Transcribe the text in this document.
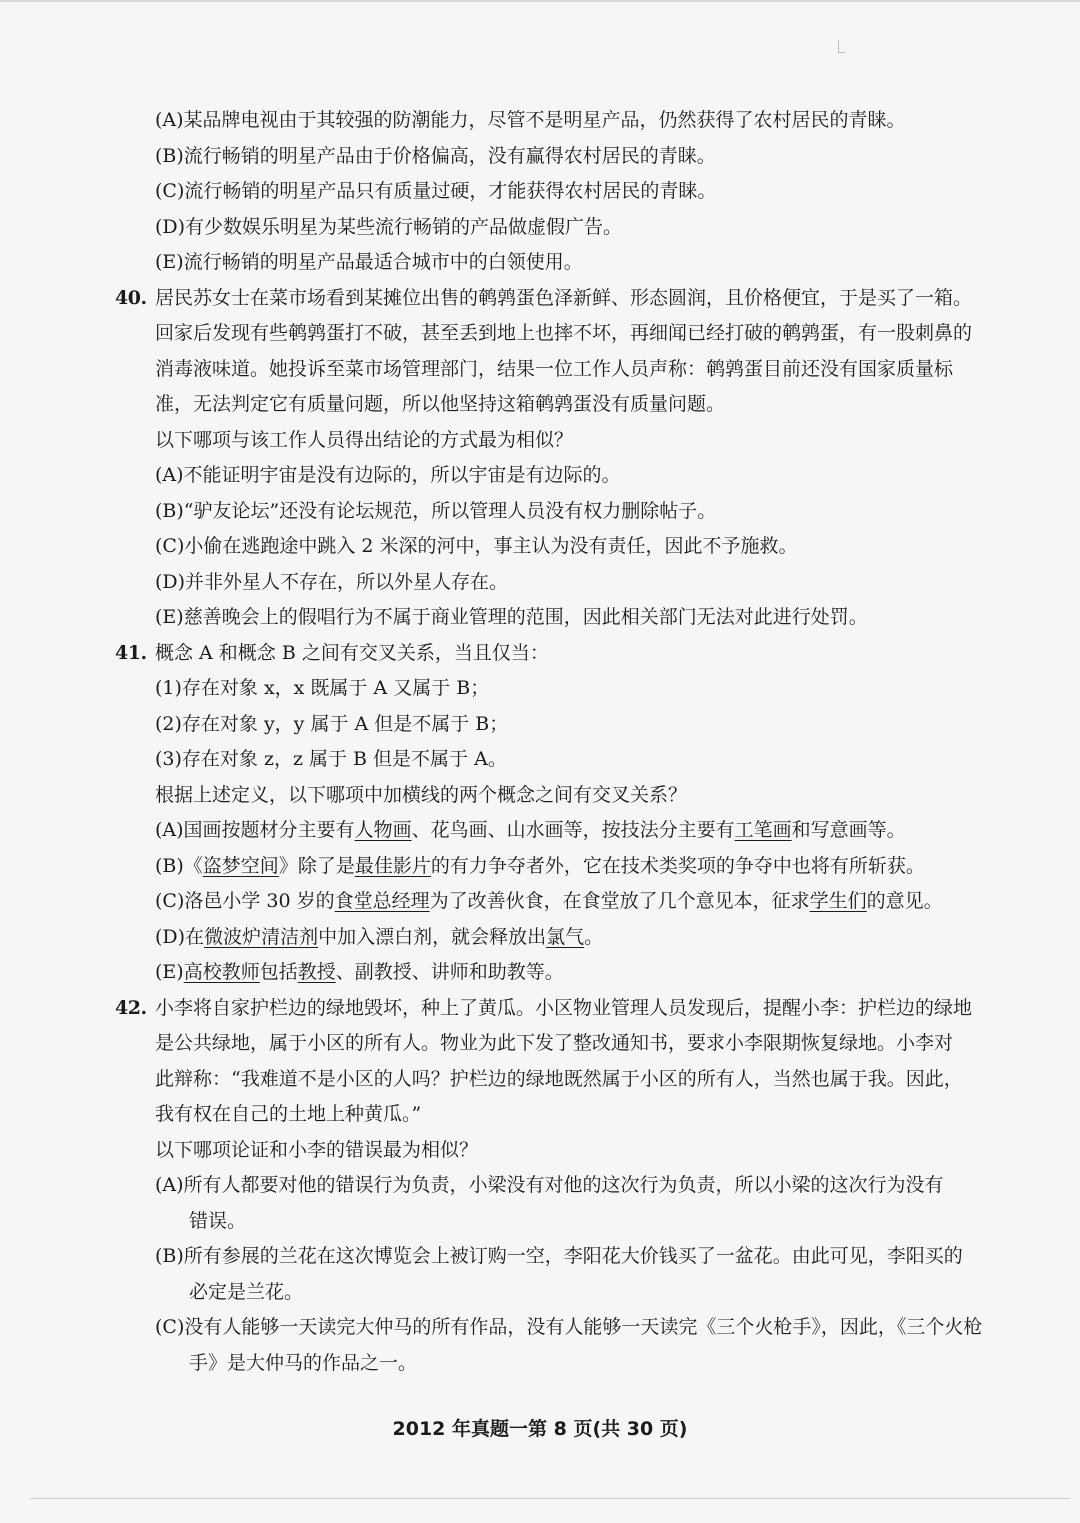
(A)某品牌电视由于其较强的防潮能力，尽管不是明星产品，仍然获得了农村居民的青睐。
(B)流行畅销的明星产品由于价格偏高，没有赢得农村居民的青睐。
(C)流行畅销的明星产品只有质量过硬，才能获得农村居民的青睐。
(D)有少数娱乐明星为某些流行畅销的产品做虚假广告。
(E)流行畅销的明星产品最适合城市中的白领使用。
40. 居民苏女士在菜市场看到某摊位出售的鹌鹑蛋色泽新鲜、形态圆润，且价格便宜，于是买了一箱。
回家后发现有些鹌鹑蛋打不破，甚至丢到地上也摔不坏，再细闻已经打破的鹌鹑蛋，有一股刺鼻的
消毒液味道。她投诉至菜市场管理部门，结果一位工作人员声称：鹌鹑蛋目前还没有国家质量标
准，无法判定它有质量问题，所以他坚持这箱鹌鹑蛋没有质量问题。
以下哪项与该工作人员得出结论的方式最为相似？
(A)不能证明宇宙是没有边际的，所以宇宙是有边际的。
(B)“驴友论坛”还没有论坛规范，所以管理人员没有权力删除帖子。
(C)小偷在逃跑途中跳入 2 米深的河中，事主认为没有责任，因此不予施救。
(D)并非外星人不存在，所以外星人存在。
(E)慈善晚会上的假唱行为不属于商业管理的范围，因此相关部门无法对此进行处罚。
41. 概念 A 和概念 B 之间有交叉关系，当且仅当：
(1)存在对象 x，x 既属于 A 又属于 B；
(2)存在对象 y，y 属于 A 但是不属于 B；
(3)存在对象 z，z 属于 B 但是不属于 A。
根据上述定义，以下哪项中加横线的两个概念之间有交叉关系？
(A)国画按题材分主要有人物画、花鸟画、山水画等，按技法分主要有工笔画和写意画等。
(B)《盗梦空间》除了是最佳影片的有力争夺者外，它在技术类奖项的争夺中也将有所斩获。
(C)洛邑小学 30 岁的食堂总经理为了改善伙食，在食堂放了几个意见本，征求学生们的意见。
(D)在微波炉清洁剂中加入漂白剂，就会释放出氯气。
(E)高校教师包括教授、副教授、讲师和助教等。
42. 小李将自家护栏边的绿地毁坏，种上了黄瓜。小区物业管理人员发现后，提醒小李：护栏边的绿地
是公共绿地，属于小区的所有人。物业为此下发了整改通知书，要求小李限期恢复绿地。小李对
此辩称：“我难道不是小区的人吗？护栏边的绿地既然属于小区的所有人，当然也属于我。因此，
我有权在自己的土地上种黄瓜。”
以下哪项论证和小李的错误最为相似？
(A)所有人都要对他的错误行为负责，小梁没有对他的这次行为负责，所以小梁的这次行为没有
错误。
(B)所有参展的兰花在这次博览会上被订购一空，李阳花大价钱买了一盆花。由此可见，李阳买的
必定是兰花。
(C)没有人能够一天读完大仲马的所有作品，没有人能够一天读完《三个火枪手》，因此，《三个火枪
手》是大仲马的作品之一。
2012 年真题一第 8 页(共 30 页)
